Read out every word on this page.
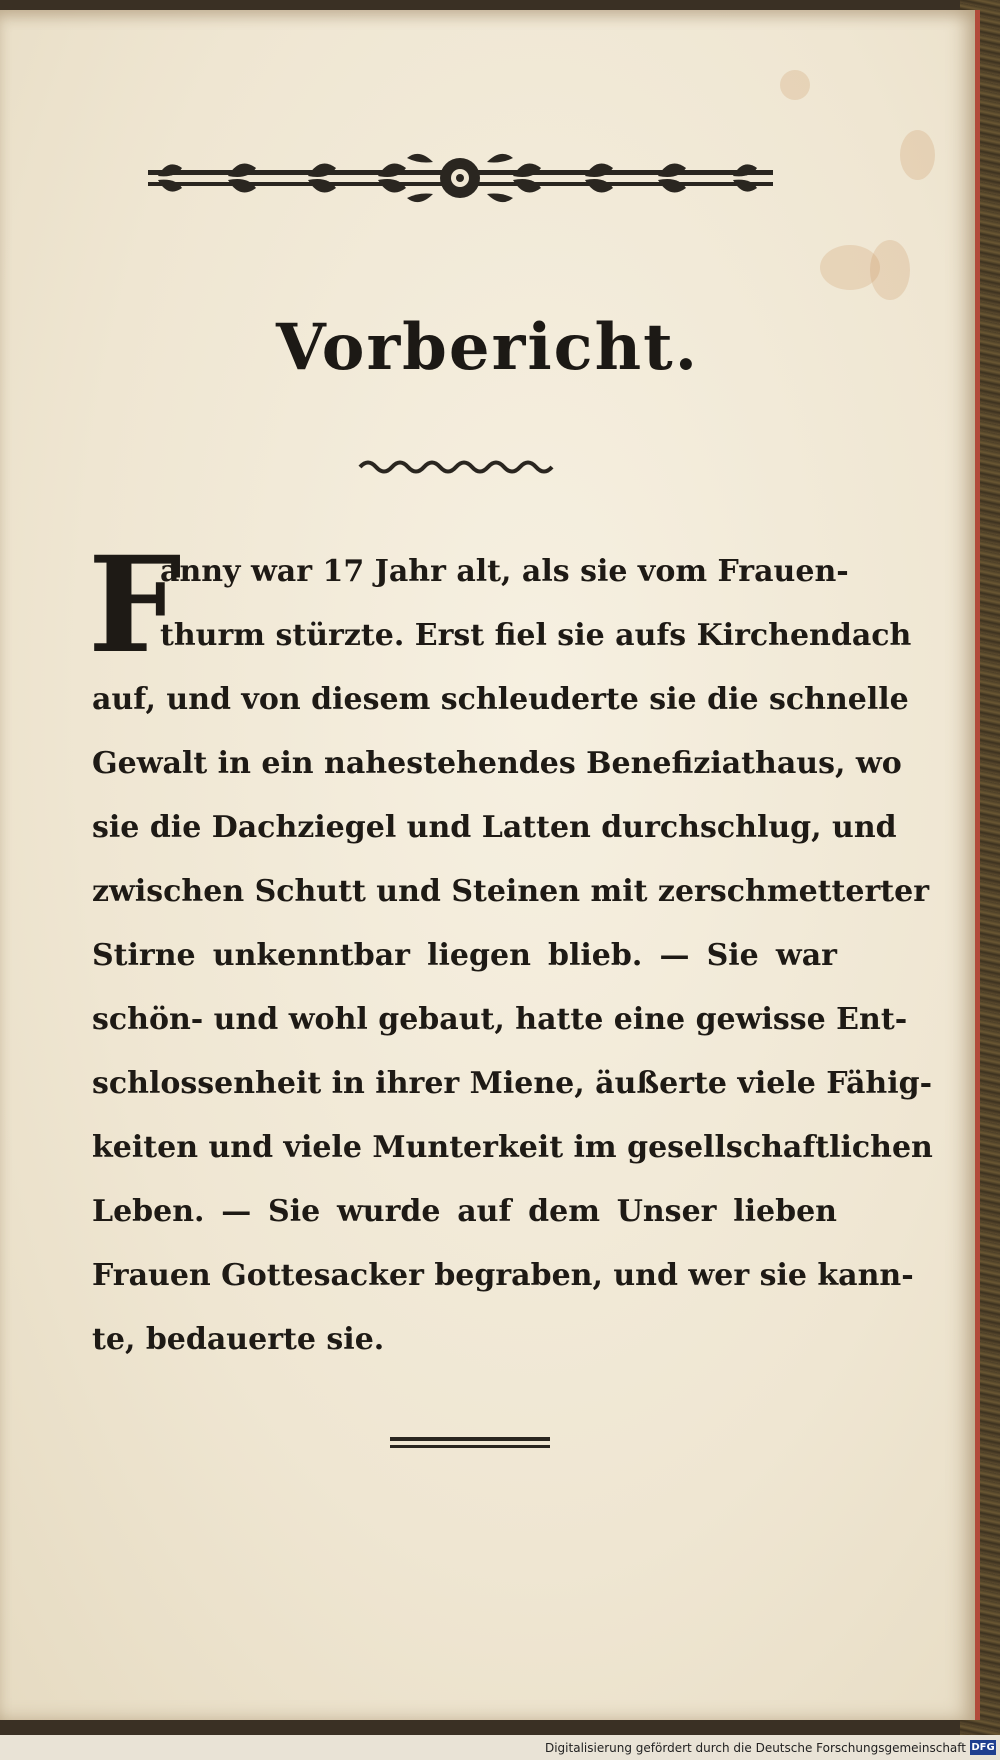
Vorbericht.
F
anny war 17 Jahr alt, als sie vom Frauen-
thurm stürzte. Erst fiel sie aufs Kirchendach
auf, und von diesem schleuderte sie die schnelle
Gewalt in ein nahestehendes Benefiziathaus, wo
sie die Dachziegel und Latten durchschlug, und
zwischen Schutt und Steinen mit zerschmetterter
Stirne unkenntbar liegen blieb. — Sie war
schön- und wohl gebaut, hatte eine gewisse Ent-
schlossenheit in ihrer Miene, äußerte viele Fähig-
keiten und viele Munterkeit im gesellschaftlichen
Leben. — Sie wurde auf dem Unser lieben
Frauen Gottesacker begraben, und wer sie kann-
te, bedauerte sie.
Digitalisierung gefördert durch die Deutsche Forschungsgemeinschaft DFG
